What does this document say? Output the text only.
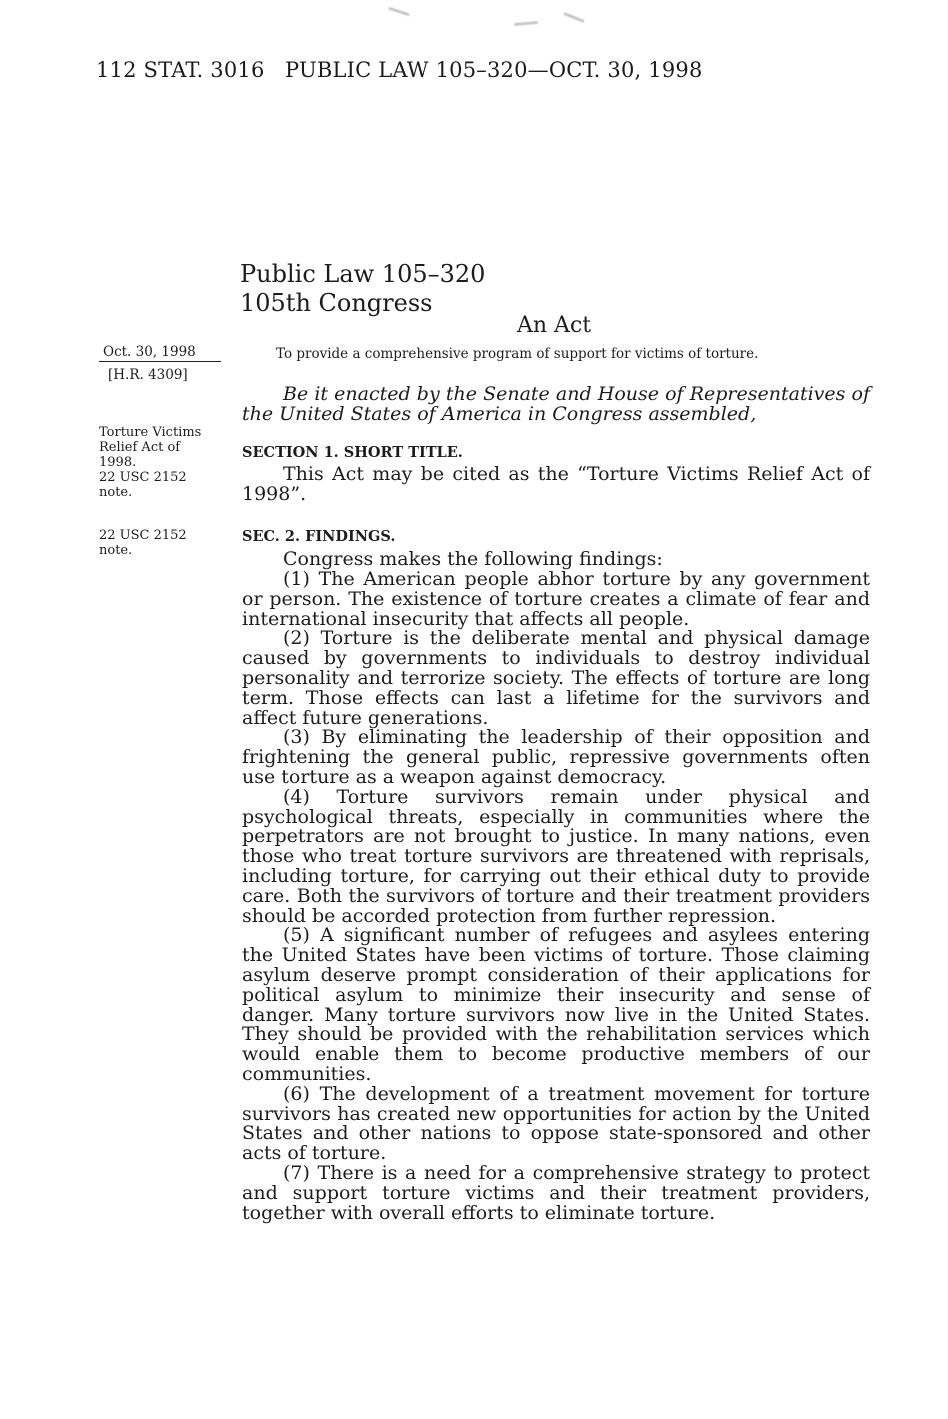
112 STAT. 3016 PUBLIC LAW 105–320—OCT. 30, 1998
Public Law 105–320
105th Congress
An Act
To provide a comprehensive program of support for victims of torture.
Oct. 30, 1998
[H.R. 4309]
Torture Victims
Relief Act of
1998.
22 USC 2152
note.
22 USC 2152
note.
Be it enacted by the Senate and House of Representatives of the United States of America in Congress assembled,
SECTION 1. SHORT TITLE.
This Act may be cited as the “Torture Victims Relief Act of 1998”.
SEC. 2. FINDINGS.
Congress makes the following findings:

(1) The American people abhor torture by any government or person. The existence of torture creates a climate of fear and international insecurity that affects all people.

(2) Torture is the deliberate mental and physical damage caused by governments to individuals to destroy individual personality and terrorize society. The effects of torture are long term. Those effects can last a lifetime for the survivors and affect future generations.

(3) By eliminating the leadership of their opposition and frightening the general public, repressive governments often use torture as a weapon against democracy.

(4) Torture survivors remain under physical and psychological threats, especially in communities where the perpetrators are not brought to justice. In many nations, even those who treat torture survivors are threatened with reprisals, including torture, for carrying out their ethical duty to provide care. Both the survivors of torture and their treatment providers should be accorded protection from further repression.

(5) A significant number of refugees and asylees entering the United States have been victims of torture. Those claiming asylum deserve prompt consideration of their applications for political asylum to minimize their insecurity and sense of danger. Many torture survivors now live in the United States. They should be provided with the rehabilitation services which would enable them to become productive members of our communities.

(6) The development of a treatment movement for torture survivors has created new opportunities for action by the United States and other nations to oppose state-sponsored and other acts of torture.

(7) There is a need for a comprehensive strategy to protect and support torture victims and their treatment providers, together with overall efforts to eliminate torture.
